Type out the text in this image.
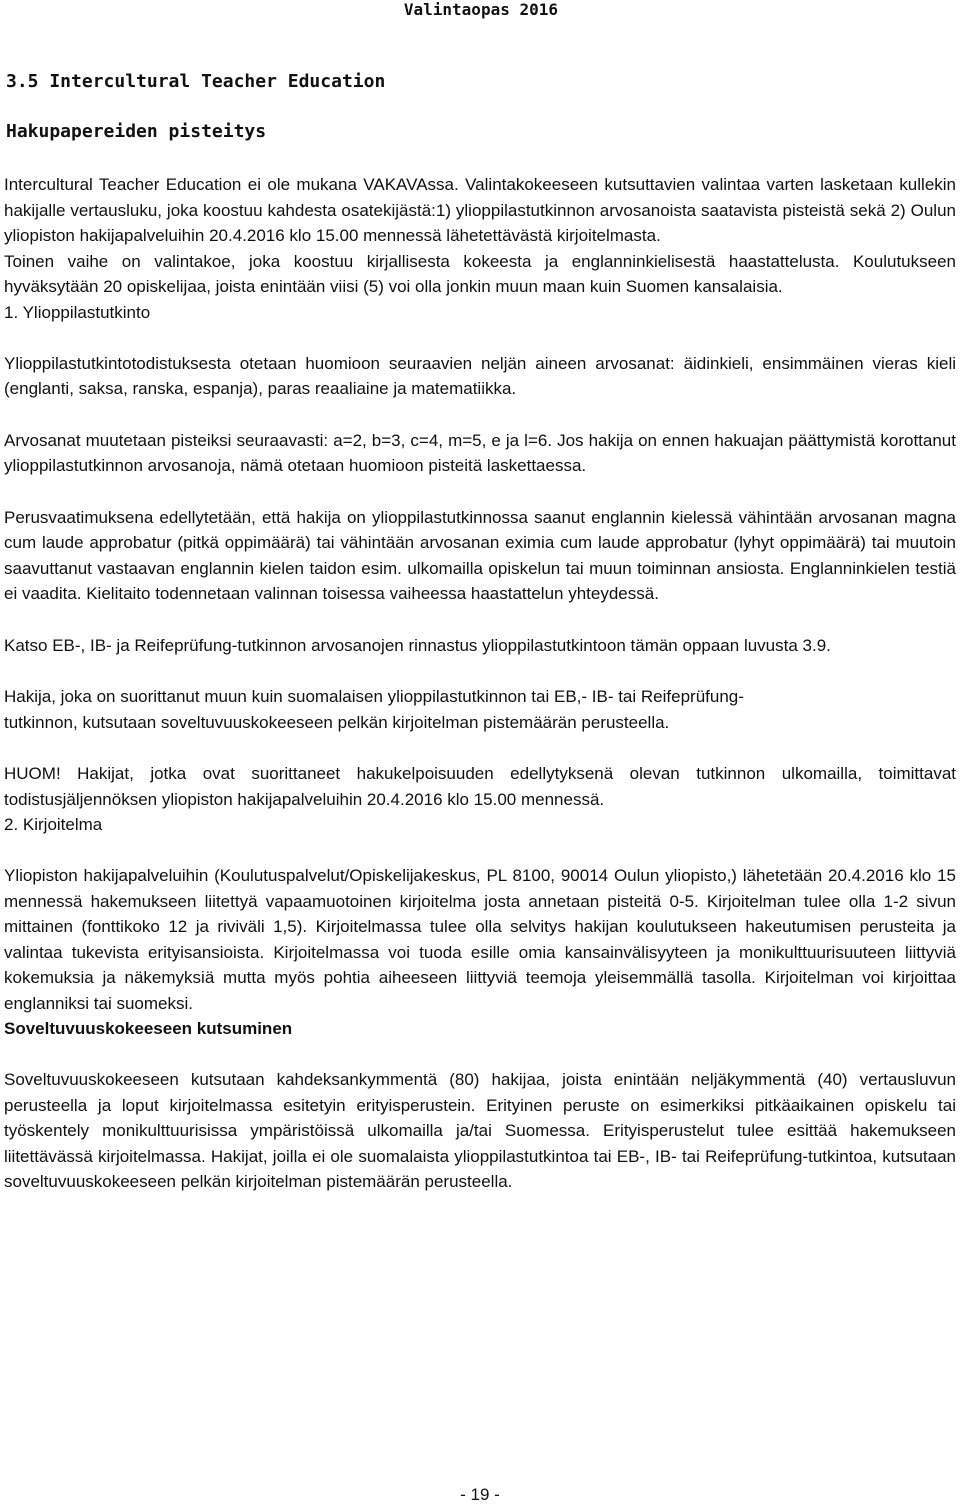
Valintaopas 2016
3.5 Intercultural Teacher Education
Hakupapereiden pisteitys

Intercultural Teacher Education ei ole mukana VAKAVAssa. Valintakokeeseen kutsuttavien valintaa varten lasketaan kullekin hakijalle vertausluku, joka koostuu kahdesta osatekijästä:1) ylioppilastutkinnon arvosanoista saatavista pisteistä sekä 2) Oulun yliopiston hakijapalveluihin 20.4.2016 klo 15.00 mennessä lähetettävästä kirjoitelmasta.

Toinen vaihe on valintakoe, joka koostuu kirjallisesta kokeesta ja englanninkielisestä haastattelusta. Koulutukseen hyväksytään 20 opiskelijaa, joista enintään viisi (5) voi olla jonkin muun maan kuin Suomen kansalaisia.

1. Ylioppilastutkinto

Ylioppilastutkintotodistuksesta otetaan huomioon seuraavien neljän aineen arvosanat: äidinkieli, ensimmäinen vieras kieli (englanti, saksa, ranska, espanja), paras reaaliaine ja matematiikka.

Arvosanat muutetaan pisteiksi seuraavasti: a=2, b=3, c=4, m=5, e ja l=6. Jos hakija on ennen hakuajan päättymistä korottanut ylioppilastutkinnon arvosanoja, nämä otetaan huomioon pisteitä laskettaessa.

Perusvaatimuksena edellytetään, että hakija on ylioppilastutkinnossa saanut englannin kielessä vähintään arvosanan magna cum laude approbatur (pitkä oppimäärä) tai vähintään arvosanan eximia cum laude approbatur (lyhyt oppimäärä) tai muutoin saavuttanut vastaavan englannin kielen taidon esim. ulkomailla opiskelun tai muun toiminnan ansiosta. Englanninkielen testiä ei vaadita. Kielitaito todennetaan valinnan toisessa vaiheessa haastattelun yhteydessä.

Katso EB-, IB- ja Reifeprüfung-tutkinnon arvosanojen rinnastus ylioppilastutkintoon tämän oppaan luvusta 3.9.

Hakija, joka on suorittanut muun kuin suomalaisen ylioppilastutkinnon tai EB,- IB- tai Reifeprüfung-
tutkinnon, kutsutaan soveltuvuuskokeeseen pelkän kirjoitelman pistemäärän perusteella.

HUOM! Hakijat, jotka ovat suorittaneet hakukelpoisuuden edellytyksenä olevan tutkinnon ulkomailla, toimittavat todistusjäljennöksen yliopiston hakijapalveluihin 20.4.2016 klo 15.00 mennessä.

2. Kirjoitelma

Yliopiston hakijapalveluihin (Koulutuspalvelut/Opiskelijakeskus, PL 8100, 90014 Oulun yliopisto,) lähetetään 20.4.2016 klo 15 mennessä hakemukseen liitettyä vapaamuotoinen kirjoitelma josta annetaan pisteitä 0-5. Kirjoitelman tulee olla 1-2 sivun mittainen (fonttikoko 12 ja riviväli 1,5). Kirjoitelmassa tulee olla selvitys hakijan koulutukseen hakeutumisen perusteita ja valintaa tukevista erityisansioista. Kirjoitelmassa voi tuoda esille omia kansainvälisyyteen ja monikulttuurisuuteen liittyviä kokemuksia ja näkemyksiä mutta myös pohtia aiheeseen liittyviä teemoja yleisemmällä tasolla. Kirjoitelman voi kirjoittaa englanniksi tai suomeksi.

Soveltuvuuskokeeseen kutsuminen

Soveltuvuuskokeeseen kutsutaan kahdeksankymmentä (80) hakijaa, joista enintään neljäkymmentä (40) vertausluvun perusteella ja loput kirjoitelmassa esitetyin erityisperustein. Erityinen peruste on esimerkiksi pitkäaikainen opiskelu tai työskentely monikulttuurisissa ympäristöissä ulkomailla ja/tai Suomessa. Erityisperustelut tulee esittää hakemukseen liitettävässä kirjoitelmassa. Hakijat, joilla ei ole suomalaista ylioppilastutkintoa tai EB-, IB- tai Reifeprüfung-tutkintoa, kutsutaan soveltuvuuskokeeseen pelkän kirjoitelman pistemäärän perusteella.

- 19 -
